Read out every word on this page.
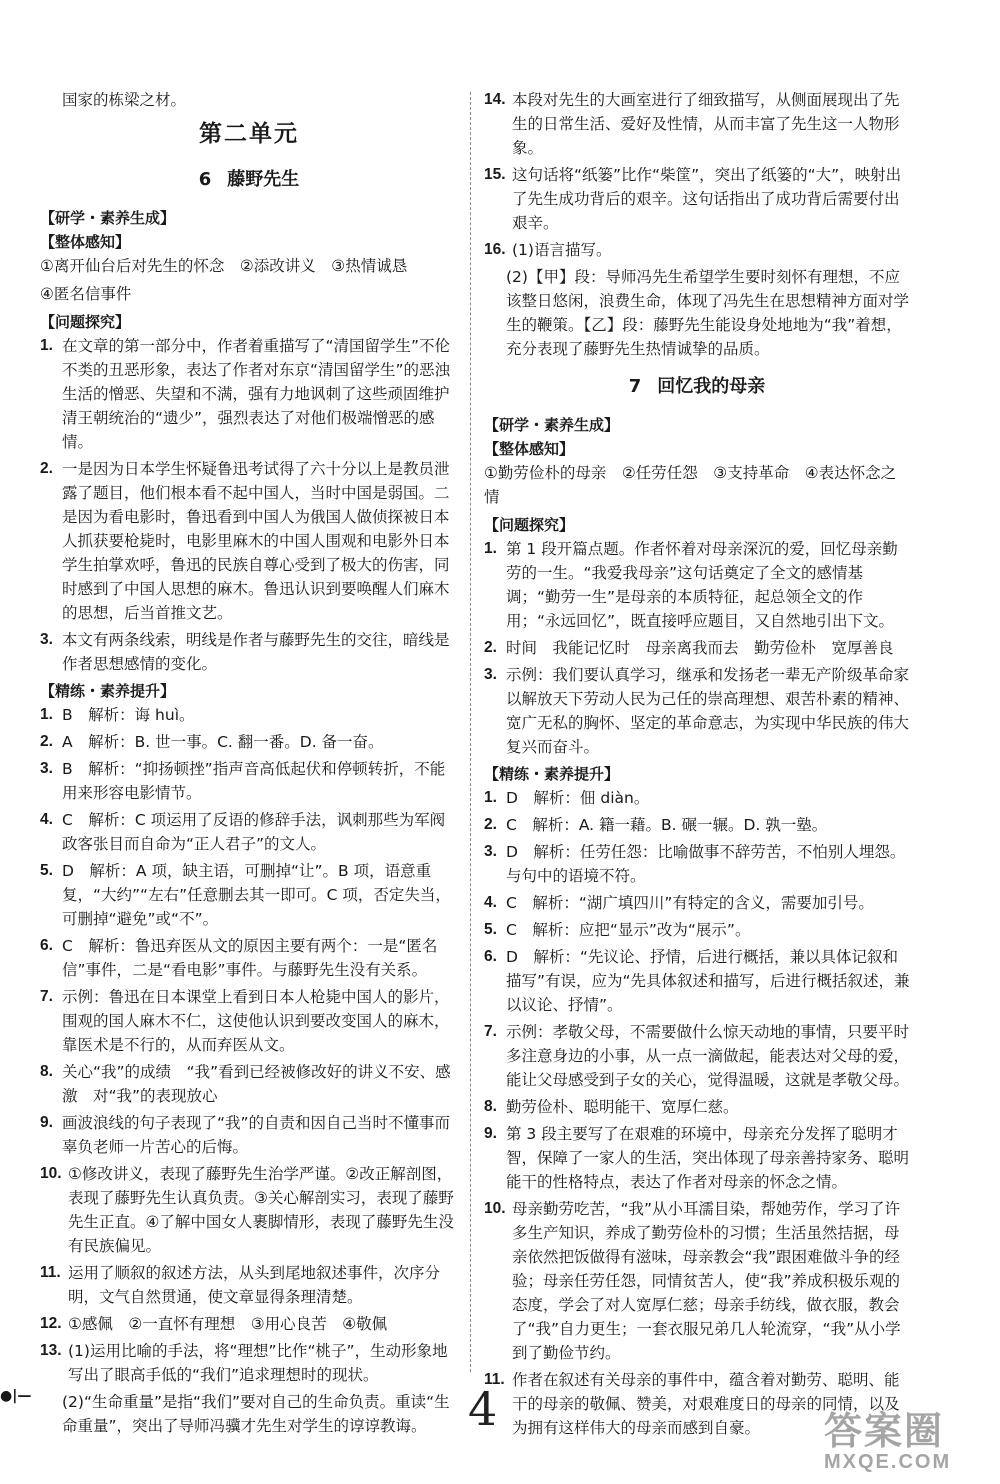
国家的栋梁之材。

第二单元
6 藤野先生

【研学・素养生成】

【整体感知】

①离开仙台后对先生的怀念　②添改讲义　③热情诚恳

④匿名信事件

【问题探究】

1. 在文章的第一部分中，作者着重描写了“清国留学生”不伦不类的丑恶形象，表达了作者对东京“清国留学生”的恶浊生活的憎恶、失望和不满，强有力地讽刺了这些顽固维护清王朝统治的“遗少”，强烈表达了对他们极端憎恶的感情。
2. 一是因为日本学生怀疑鲁迅考试得了六十分以上是教员泄露了题目，他们根本看不起中国人，当时中国是弱国。二是因为看电影时，鲁迅看到中国人为俄国人做侦探被日本人抓获要枪毙时，电影里麻木的中国人围观和电影外日本学生拍掌欢呼，鲁迅的民族自尊心受到了极大的伤害，同时感到了中国人思想的麻木。鲁迅认识到要唤醒人们麻木的思想，后当首推文艺。
3. 本文有两条线索，明线是作者与藤野先生的交往，暗线是作者思想感情的变化。

【精练・素养提升】

1. B　解析：诲 huì。
2. A　解析：B. 世一事。C. 翻一番。D. 备一奋。
3. B　解析：“抑扬顿挫”指声音高低起伏和停顿转折，不能用来形容电影情节。
4. C　解析：C 项运用了反语的修辞手法，讽刺那些为军阀政客张目而自命为“正人君子”的文人。
5. D　解析：A 项，缺主语，可删掉“让”。B 项，语意重复，“大约”“左右”任意删去其一即可。C 项，否定失当，可删掉“避免”或“不”。
6. C　解析：鲁迅弃医从文的原因主要有两个：一是“匿名信”事件，二是“看电影”事件。与藤野先生没有关系。
7. 示例：鲁迅在日本课堂上看到日本人枪毙中国人的影片，围观的国人麻木不仁，这使他认识到要改变国人的麻木，靠医术是不行的，从而弃医从文。
8. 关心“我”的成绩　“我”看到已经被修改好的讲义不安、感激　对“我”的表现放心
9. 画波浪线的句子表现了“我”的自责和因自己当时不懂事而辜负老师一片苦心的后悔。
10. ①修改讲义，表现了藤野先生治学严谨。②改正解剖图，表现了藤野先生认真负责。③关心解剖实习，表现了藤野先生正直。④了解中国女人裹脚情形，表现了藤野先生没有民族偏见。
11. 运用了顺叙的叙述方法，从头到尾地叙述事件，次序分明，文气自然贯通，使文章显得条理清楚。
12. ①感佩　②一直怀有理想　③用心良苦　④敬佩
13. (1)运用比喻的手法，将“理想”比作“桃子”，生动形象地写出了眼高手低的“我们”追求理想时的现状。

(2)“生命重量”是指“我们”要对自己的生命负责。重读“生命重量”，突出了导师冯骥才先生对学生的谆谆教诲。

14. 本段对先生的大画室进行了细致描写，从侧面展现出了先生的日常生活、爱好及性情，从而丰富了先生这一人物形象。
15. 这句话将“纸篓”比作“柴筐”，突出了纸篓的“大”，映射出了先生成功背后的艰辛。这句话指出了成功背后需要付出艰辛。
16. (1)语言描写。

(2)【甲】段：导师冯先生希望学生要时刻怀有理想，不应该整日悠闲，浪费生命，体现了冯先生在思想精神方面对学生的鞭策。【乙】段：藤野先生能设身处地地为“我”着想，充分表现了藤野先生热情诚挚的品质。

7 回忆我的母亲

【研学・素养生成】

【整体感知】

①勤劳俭朴的母亲　②任劳任怨　③支持革命　④表达怀念之情

【问题探究】

1. 第 1 段开篇点题。作者怀着对母亲深沉的爱，回忆母亲勤劳的一生。“我爱我母亲”这句话奠定了全文的感情基调；“勤劳一生”是母亲的本质特征，起总领全文的作用；“永远回忆”，既直接呼应题目，又自然地引出下文。
2. 时间　我能记忆时　母亲离我而去　勤劳俭朴　宽厚善良
3. 示例：我们要认真学习，继承和发扬老一辈无产阶级革命家以解放天下劳动人民为己任的崇高理想、艰苦朴素的精神、宽广无私的胸怀、坚定的革命意志，为实现中华民族的伟大复兴而奋斗。

【精练・素养提升】

1. D　解析：佃 diàn。
2. C　解析：A. 籍一藉。B. 碾一辗。D. 孰一塾。
3. D　解析：任劳任怨：比喻做事不辞劳苦，不怕别人埋怨。与句中的语境不符。
4. C　解析：“湖广填四川”有特定的含义，需要加引号。
5. C　解析：应把“显示”改为“展示”。
6. D　解析：“先议论、抒情，后进行概括，兼以具体记叙和描写”有误，应为“先具体叙述和描写，后进行概括叙述，兼以议论、抒情”。
7. 示例：孝敬父母，不需要做什么惊天动地的事情，只要平时多注意身边的小事，从一点一滴做起，能表达对父母的爱，能让父母感受到子女的关心，觉得温暖，这就是孝敬父母。
8. 勤劳俭朴、聪明能干、宽厚仁慈。
9. 第 3 段主要写了在艰难的环境中，母亲充分发挥了聪明才智，保障了一家人的生活，突出体现了母亲善持家务、聪明能干的性格特点，表达了作者对母亲的怀念之情。
10. 母亲勤劳吃苦，“我”从小耳濡目染，帮她劳作，学习了许多生产知识，养成了勤劳俭朴的习惯；生活虽然拮据，母亲依然把饭做得有滋味，母亲教会“我”跟困难做斗争的经验；母亲任劳任怨，同情贫苦人，使“我”养成积极乐观的态度，学会了对人宽厚仁慈；母亲手纺线，做衣服，教会了“我”自力更生；一套衣服兄弟几人轮流穿，“我”从小学到了勤俭节约。
11. 作者在叙述有关母亲的事件中，蕴含着对勤劳、聪明、能干的母亲的敬佩、赞美，对艰难度日的母亲的同情，以及为拥有这样伟大的母亲而感到自豪。
●|—	4	答案圈
MXQE.COM
